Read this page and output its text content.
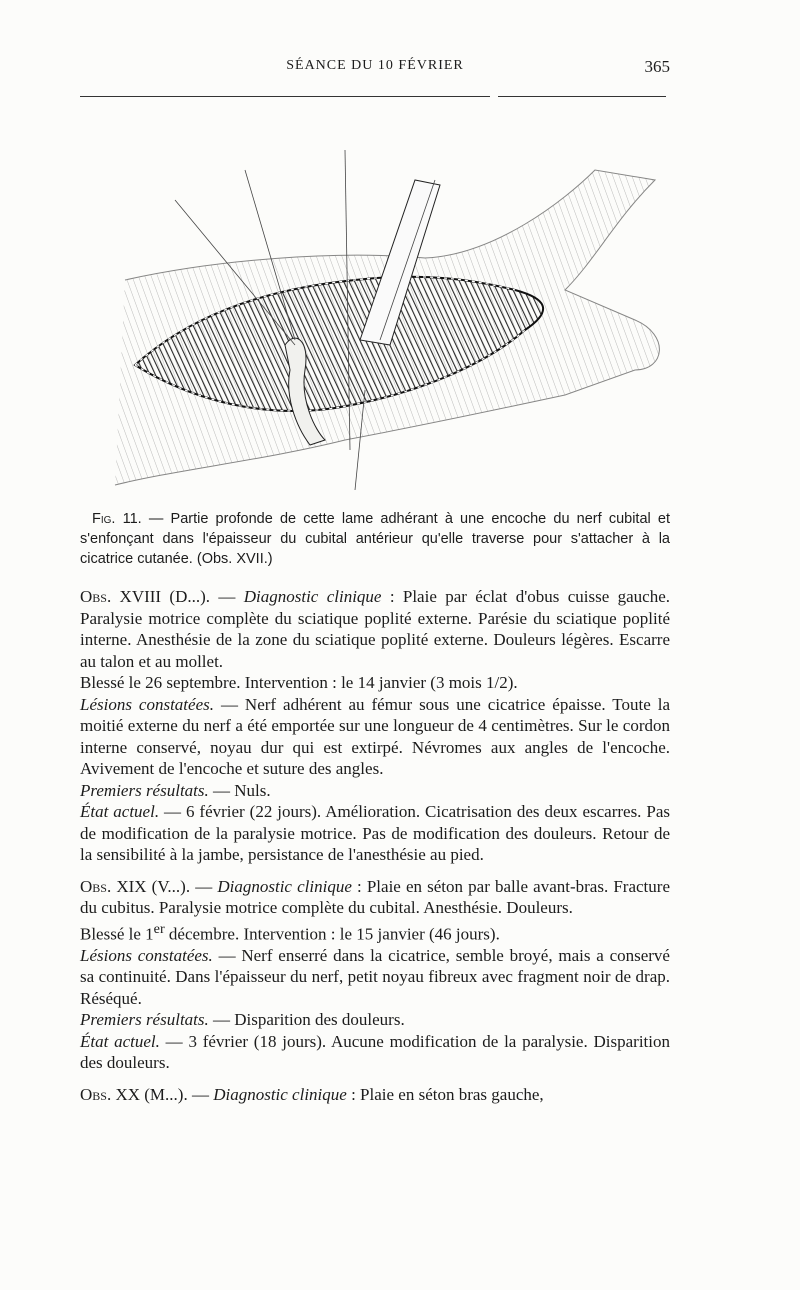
SÉANCE DU 10 FÉVRIER	365
Fig. 11. — Partie profonde de cette lame adhérant à une encoche du nerf cubital et s'enfonçant dans l'épaisseur du cubital antérieur qu'elle traverse pour s'attacher à la cicatrice cutanée. (Obs. XVII.)

Obs. XVIII (D...). — Diagnostic clinique : Plaie par éclat d'obus cuisse gauche. Paralysie motrice complète du sciatique poplité externe. Parésie du sciatique poplité interne. Anesthésie de la zone du sciatique poplité externe. Douleurs légères. Escarre au talon et au mollet.

Blessé le 26 septembre. Intervention : le 14 janvier (3 mois 1/2).

Lésions constatées. — Nerf adhérent au fémur sous une cicatrice épaisse. Toute la moitié externe du nerf a été emportée sur une longueur de 4 centimètres. Sur le cordon interne conservé, noyau dur qui est extirpé. Névromes aux angles de l'encoche. Avivement de l'encoche et suture des angles.

Premiers résultats. — Nuls.

État actuel. — 6 février (22 jours). Amélioration. Cicatrisation des deux escarres. Pas de modification de la paralysie motrice. Pas de modification des douleurs. Retour de la sensibilité à la jambe, persistance de l'anesthésie au pied.

Obs. XIX (V...). — Diagnostic clinique : Plaie en séton par balle avant-bras. Fracture du cubitus. Paralysie motrice complète du cubital. Anesthésie. Douleurs.

Blessé le 1er décembre. Intervention : le 15 janvier (46 jours).

Lésions constatées. — Nerf enserré dans la cicatrice, semble broyé, mais a conservé sa continuité. Dans l'épaisseur du nerf, petit noyau fibreux avec fragment noir de drap. Réséqué.

Premiers résultats. — Disparition des douleurs.

État actuel. — 3 février (18 jours). Aucune modification de la paralysie. Disparition des douleurs.

Obs. XX (M...). — Diagnostic clinique : Plaie en séton bras gauche,
